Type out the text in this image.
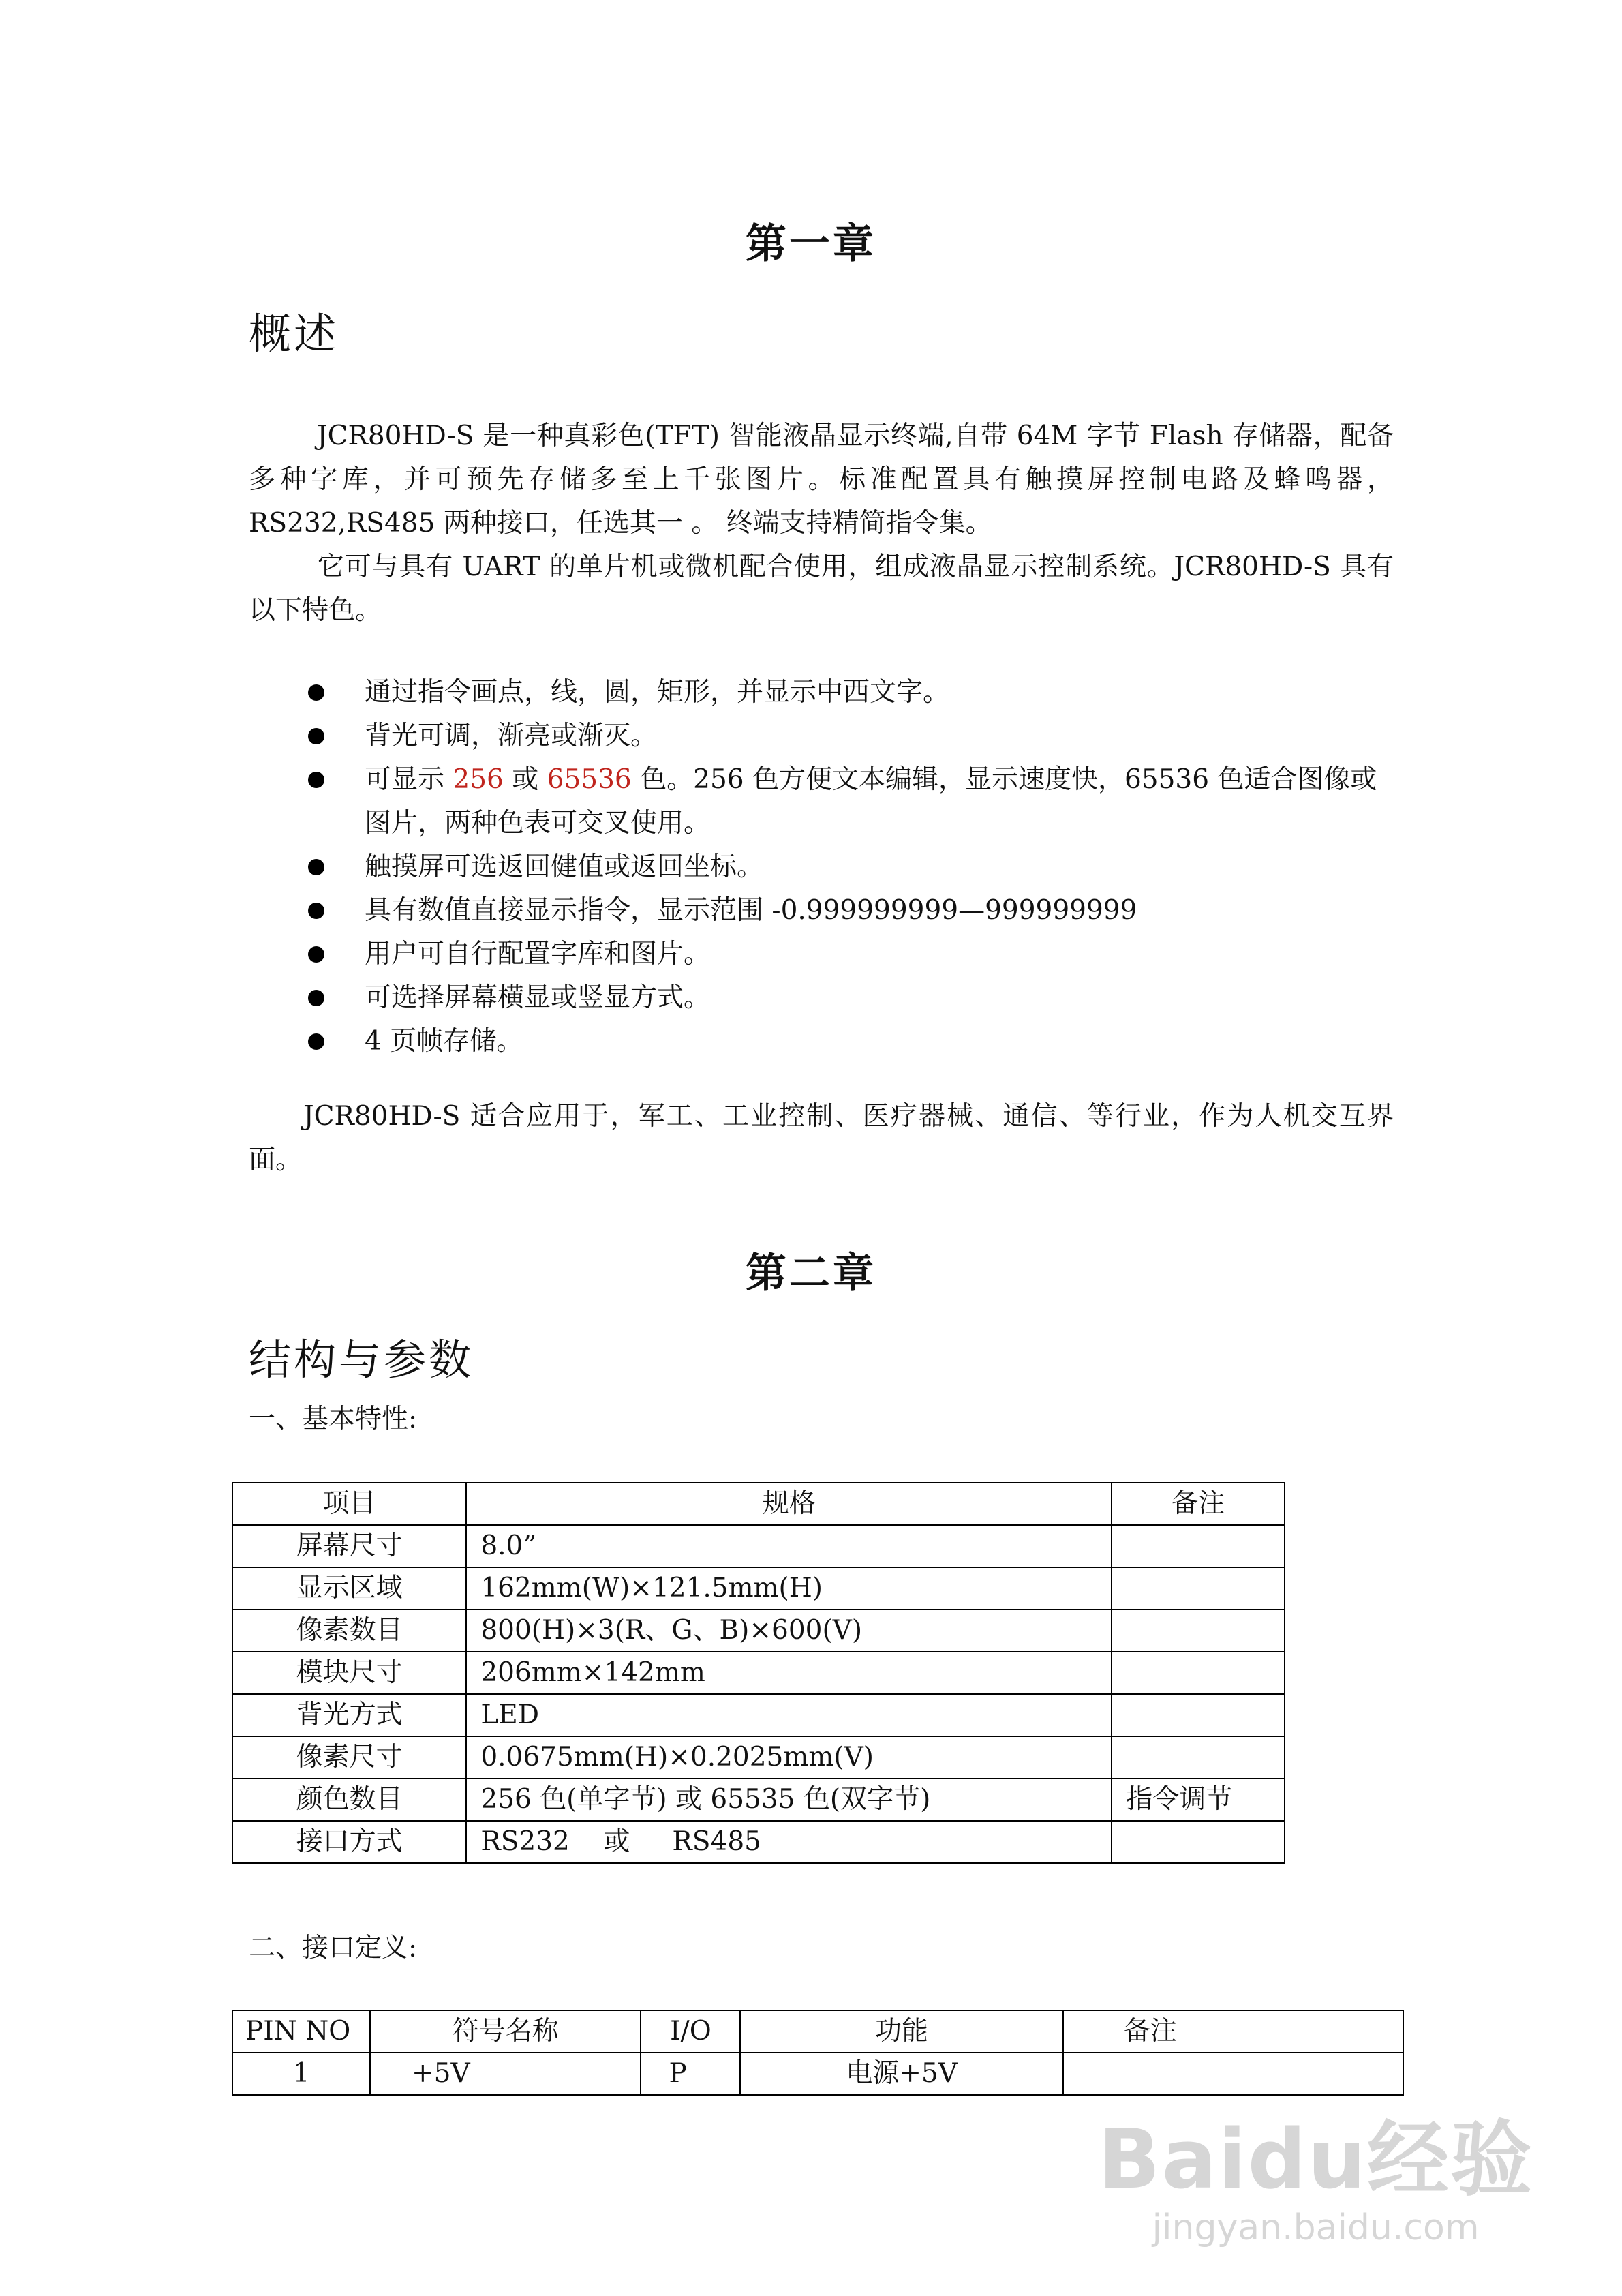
第一章
概述
JCR80HD-S 是一种真彩色(TFT) 智能液晶显示终端,自带 64M 字节 Flash 存储器，配备多种字库，并可预先存储多至上千张图片。标准配置具有触摸屏控制电路及蜂鸣器，RS232,RS485 两种接口，任选其一 。 终端支持精简指令集。
它可与具有 UART 的单片机或微机配合使用，组成液晶显示控制系统。JCR80HD-S 具有以下特色。
通过指令画点，线，圆，矩形，并显示中西文字。
背光可调，渐亮或渐灭。
可显示 256 或 65536 色。256 色方便文本编辑，显示速度快，65536 色适合图像或图片，两种色表可交叉使用。
触摸屏可选返回健值或返回坐标。
具有数值直接显示指令，显示范围 -0.999999999—999999999
用户可自行配置字库和图片。
可选择屏幕横显或竖显方式。
4 页帧存储。
JCR80HD-S 适合应用于，军工、工业控制、医疗器械、通信、等行业，作为人机交互界面。
第二章
结构与参数
一、基本特性:
项目	规格	备注
屏幕尺寸	8.0”	
显示区域	162mm(W)×121.5mm(H)	
像素数目	800(H)×3(R、G、B)×600(V)	
模块尺寸	206mm×142mm	
背光方式	LED	
像素尺寸	0.0675mm(H)×0.2025mm(V)	
颜色数目	256 色(单字节) 或 65535 色(双字节)	指令调节
接口方式	RS232    或     RS485	
二、接口定义:
PIN NO	符号名称	I/O	功能	备注
1	+5V	P	电源+5V	
Baidu经验
jingyan.baidu.com
